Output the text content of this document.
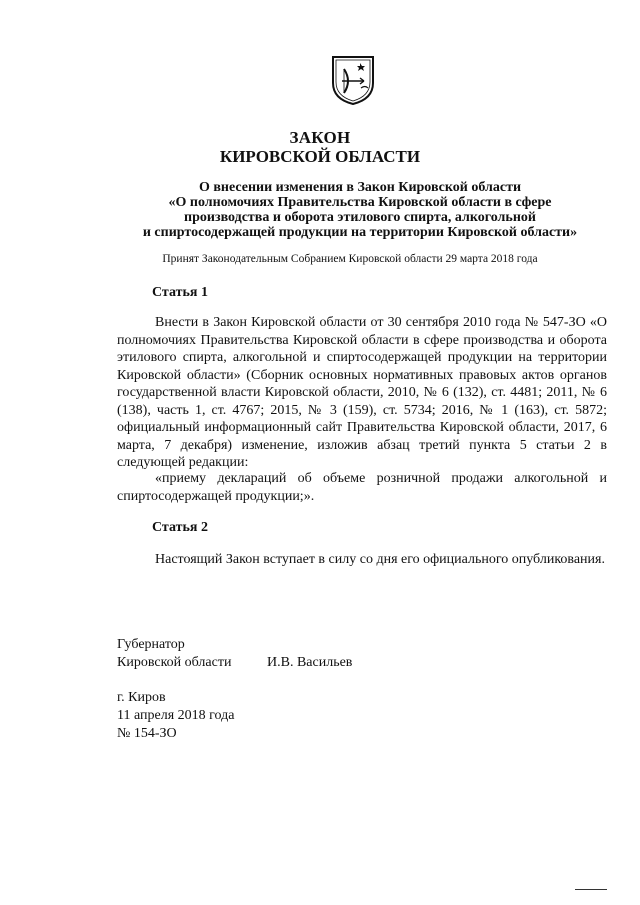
ЗАКОН
КИРОВСКОЙ ОБЛАСТИ
О внесении изменения в Закон Кировской области
«О полномочиях Правительства Кировской области в сфере
производства и оборота этилового спирта, алкогольной
и спиртосодержащей продукции на территории Кировской области»
Принят Законодательным Собранием Кировской области 29 марта 2018 года
Статья 1
Внести в Закон Кировской области от 30 сентября 2010 года № 547-ЗО «О полномочиях Правительства Кировской области в сфере производства и оборота этилового спирта, алкогольной и спиртосодержащей продукции на территории Кировской области» (Сборник основных нормативных правовых актов органов государственной власти Кировской области, 2010, № 6 (132), ст. 4481; 2011, № 6 (138), часть 1, ст. 4767; 2015, № 3 (159), ст. 5734; 2016, № 1 (163), ст. 5872; официальный информационный сайт Правительства Кировской области, 2017, 6 марта, 7 декабря) изменение, изложив абзац третий пункта 5 статьи 2 в следующей редакции:
«приему деклараций об объеме розничной продажи алкогольной и спиртосодержащей продукции;».
Статья 2
Настоящий Закон вступает в силу со дня его официального опубликования.
Губернатор
Кировской области	И.В. Васильев
г. Киров
11 апреля 2018 года
№ 154-ЗО
